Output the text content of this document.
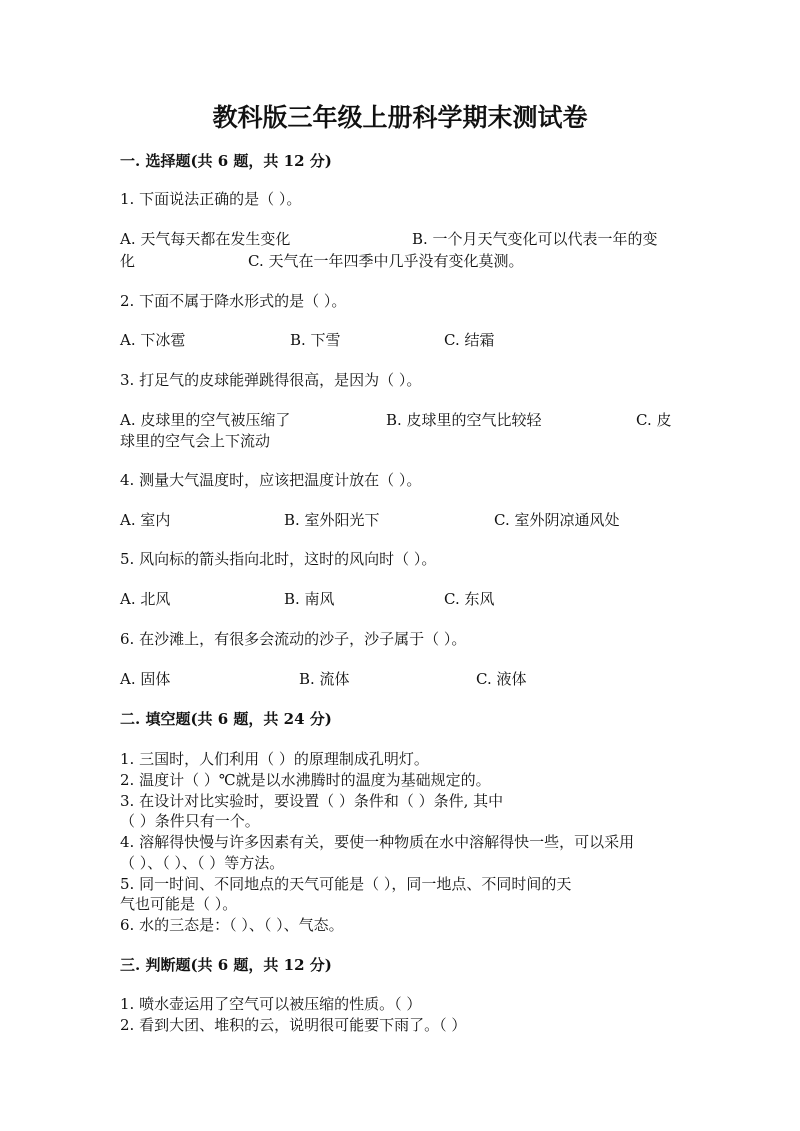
教科版三年级上册科学期末测试卷
一. 选择题(共 6 题，共 12 分)
1. 下面说法正确的是（ ）。
A. 天气每天都在发生变化	B. 一个月天气变化可以代表一年的变
化	C. 天气在一年四季中几乎没有变化莫测。
2. 下面不属于降水形式的是（ ）。
A. 下冰雹	B. 下雪	C. 结霜
3. 打足气的皮球能弹跳得很高，是因为（ ）。
A. 皮球里的空气被压缩了	B. 皮球里的空气比较轻	C. 皮
球里的空气会上下流动
4. 测量大气温度时，应该把温度计放在（ ）。
A. 室内	B. 室外阳光下	C. 室外阴凉通风处
5. 风向标的箭头指向北时，这时的风向时（ ）。
A. 北风	B. 南风	C. 东风
6. 在沙滩上，有很多会流动的沙子，沙子属于（ ）。
A. 固体	B. 流体	C. 液体
二. 填空题(共 6 题，共 24 分)
1. 三国时，人们利用（ ）的原理制成孔明灯。
2. 温度计（ ）℃就是以水沸腾时的温度为基础规定的。
3. 在设计对比实验时，要设置（ ）条件和（ ）条件, 其中
（ ）条件只有一个。
4. 溶解得快慢与许多因素有关，要使一种物质在水中溶解得快一些，可以采用
（ ）、（ ）、（ ）等方法。
5. 同一时间、不同地点的天气可能是（ ），同一地点、不同时间的天
气也可能是（ ）。
6. 水的三态是：（ ）、（ ）、气态。
三. 判断题(共 6 题，共 12 分)
1. 喷水壶运用了空气可以被压缩的性质。（ ）
2. 看到大团、堆积的云，说明很可能要下雨了。（ ）
